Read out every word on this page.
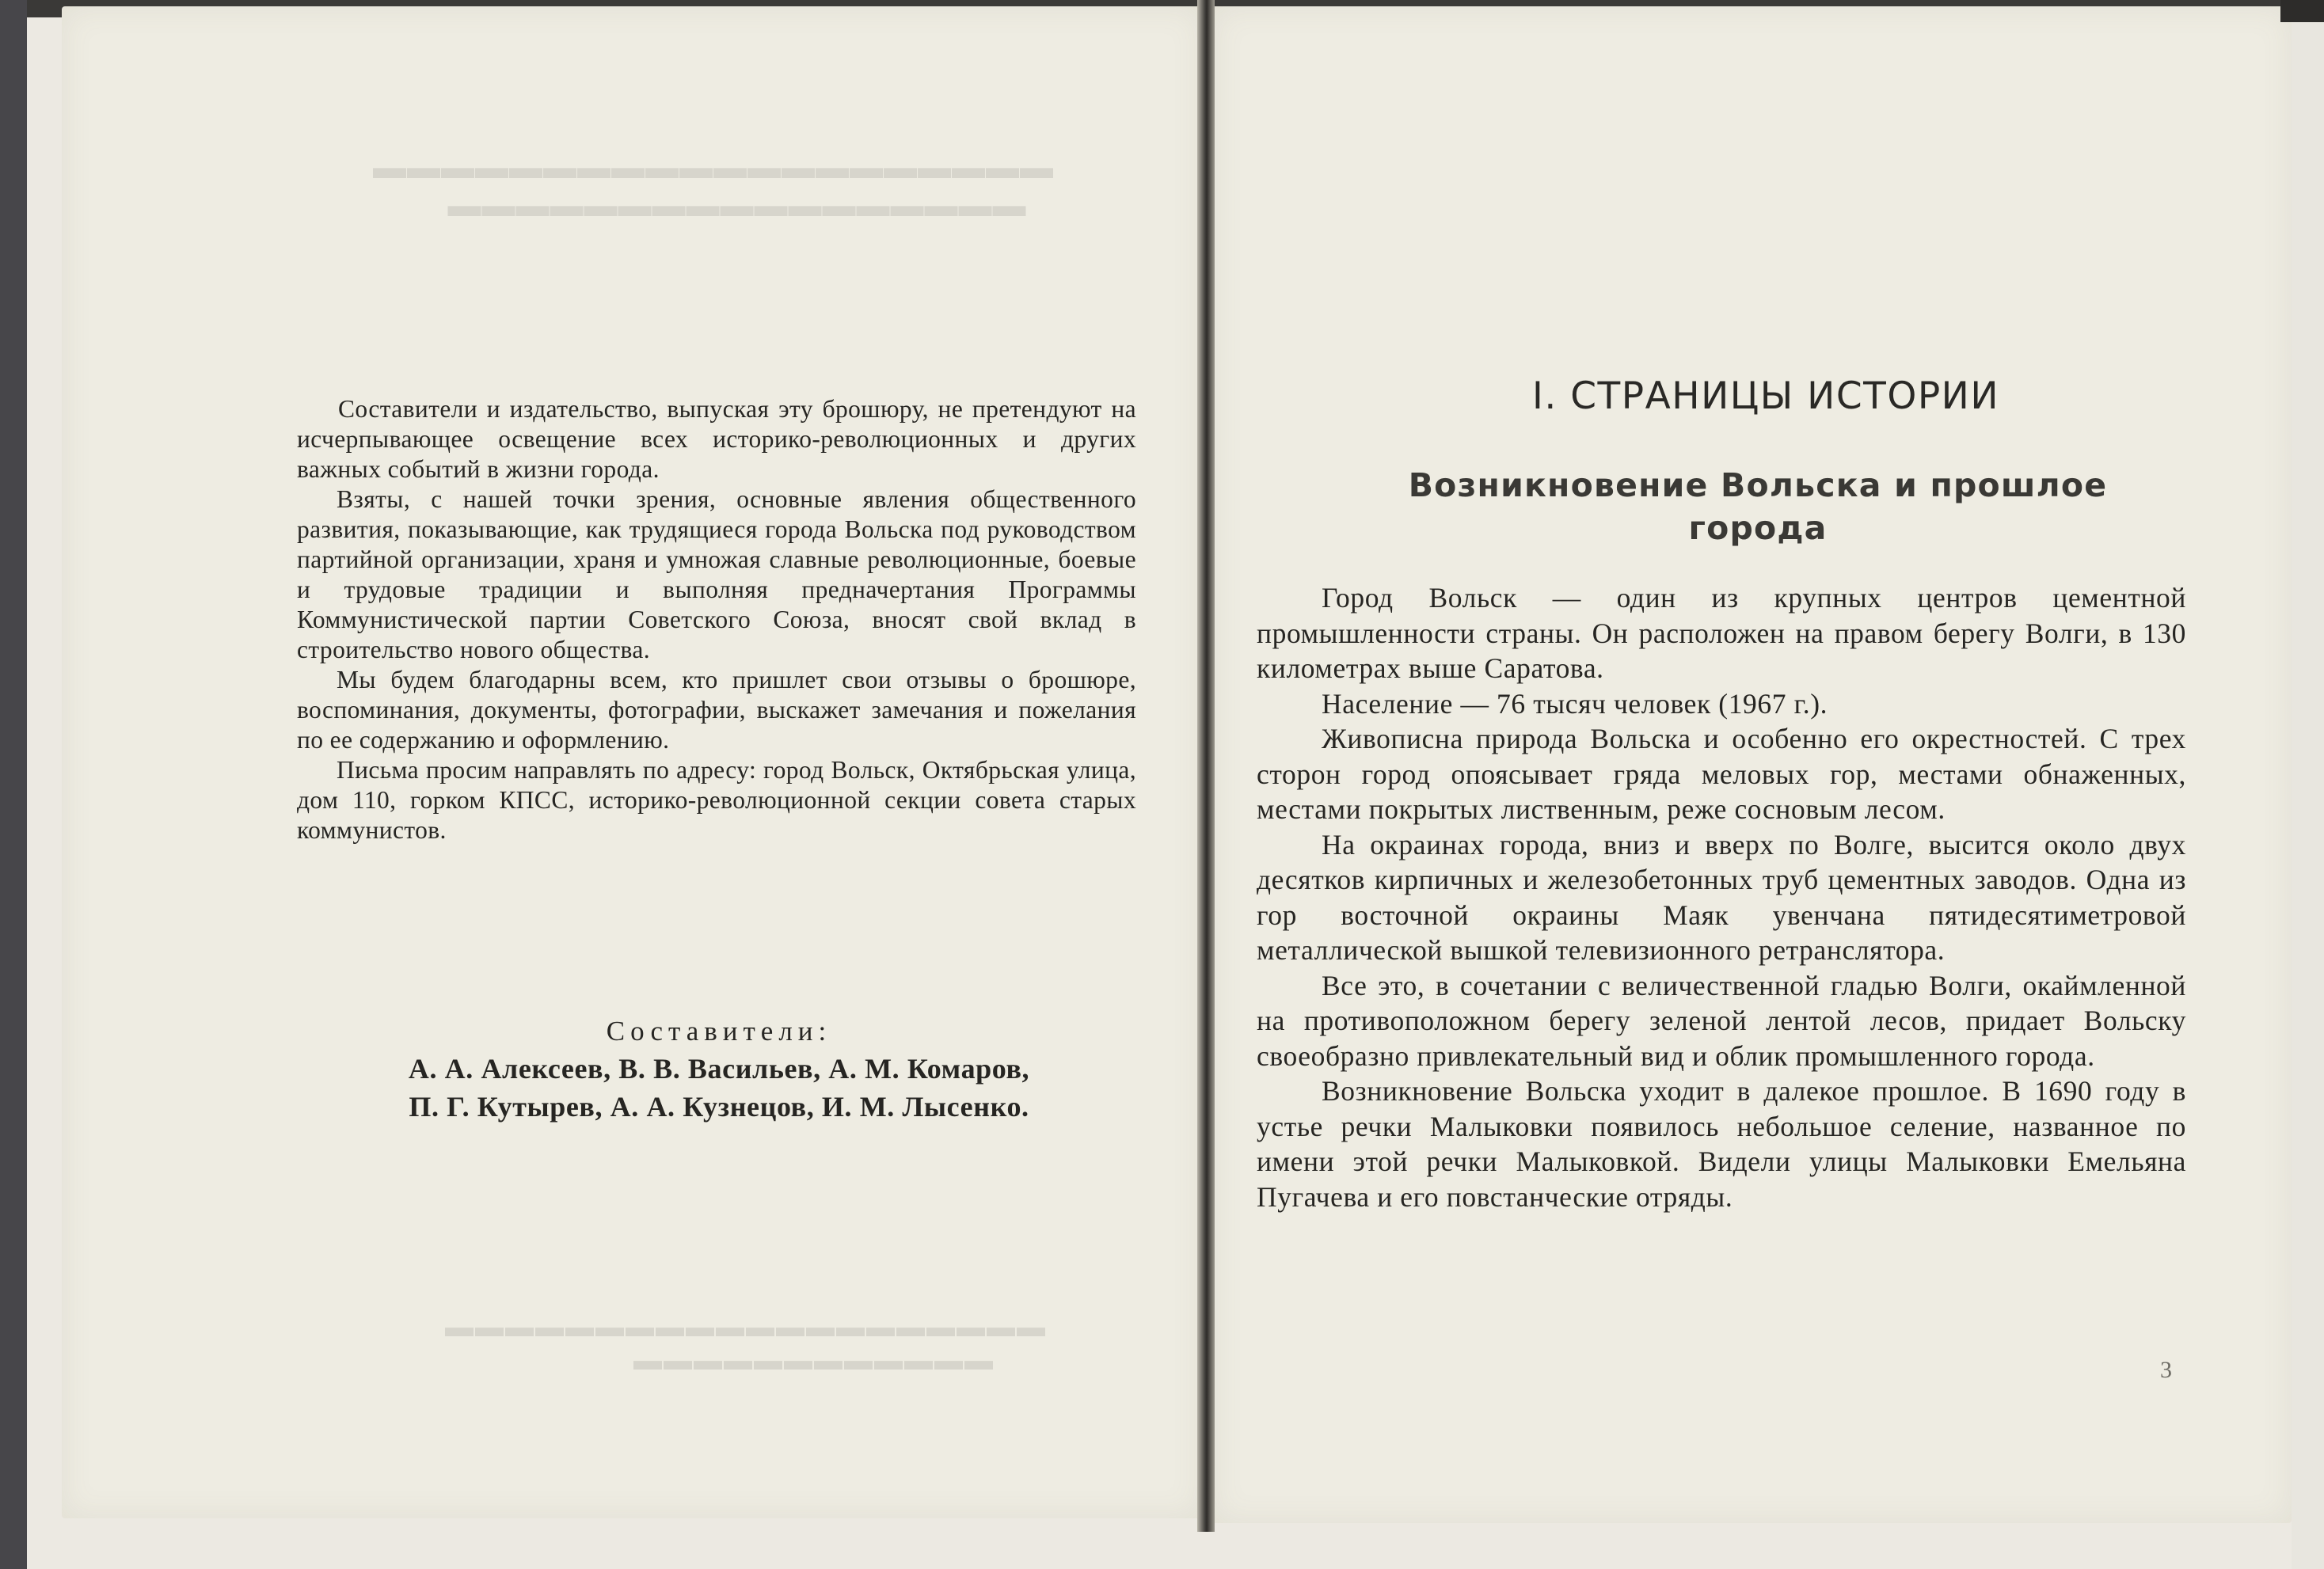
Составители и издательство, выпуская эту брошюру, не претендуют на исчерпывающее освещение всех историко-революционных и других важных событий в жизни города.

Взяты, с нашей точки зрения, основные явления общественного развития, показывающие, как трудящиеся города Вольска под руководством партийной организации, храня и умножая славные революционные, боевые и трудовые традиции и выполняя предначертания Программы Коммунистической партии Советского Союза, вносят свой вклад в строительство нового общества.

Мы будем благодарны всем, кто пришлет свои отзывы о брошюре, воспоминания, документы, фотографии, выскажет замечания и пожелания по ее содержанию и оформлению.

Письма просим направлять по адресу: город Вольск, Октябрьская улица, дом 110, горком КПСС, историко-революционной секции совета старых коммунистов.

Составители:
А. А. Алексеев, В. В. Васильев, А. М. Комаров,
П. Г. Кутырев, А. А. Кузнецов, И. М. Лысенко.
I. СТРАНИЦЫ ИСТОРИИ
Возникновение Вольска и прошлое города

Город Вольск — один из крупных центров цементной промышленности страны. Он расположен на правом берегу Волги, в 130 километрах выше Саратова.

Население — 76 тысяч человек (1967 г.).

Живописна природа Вольска и особенно его окрестностей. С трех сторон город опоясывает гряда меловых гор, местами обнаженных, местами покрытых лиственным, реже сосновым лесом.

На окраинах города, вниз и вверх по Волге, высится около двух десятков кирпичных и железобетонных труб цементных заводов. Одна из гор восточной окраины Маяк увенчана пятидесятиметровой металлической вышкой телевизионного ретранслятора.

Все это, в сочетании с величественной гладью Волги, окаймленной на противоположном берегу зеленой лентой лесов, придает Вольску своеобразно привлекательный вид и облик промышленного города.

Возникновение Вольска уходит в далекое прошлое. В 1690 году в устье речки Малыковки появилось небольшое селение, названное по имени этой речки Малыковкой. Видели улицы Малыковки Емельяна Пугачева и его повстанческие отряды.

3
